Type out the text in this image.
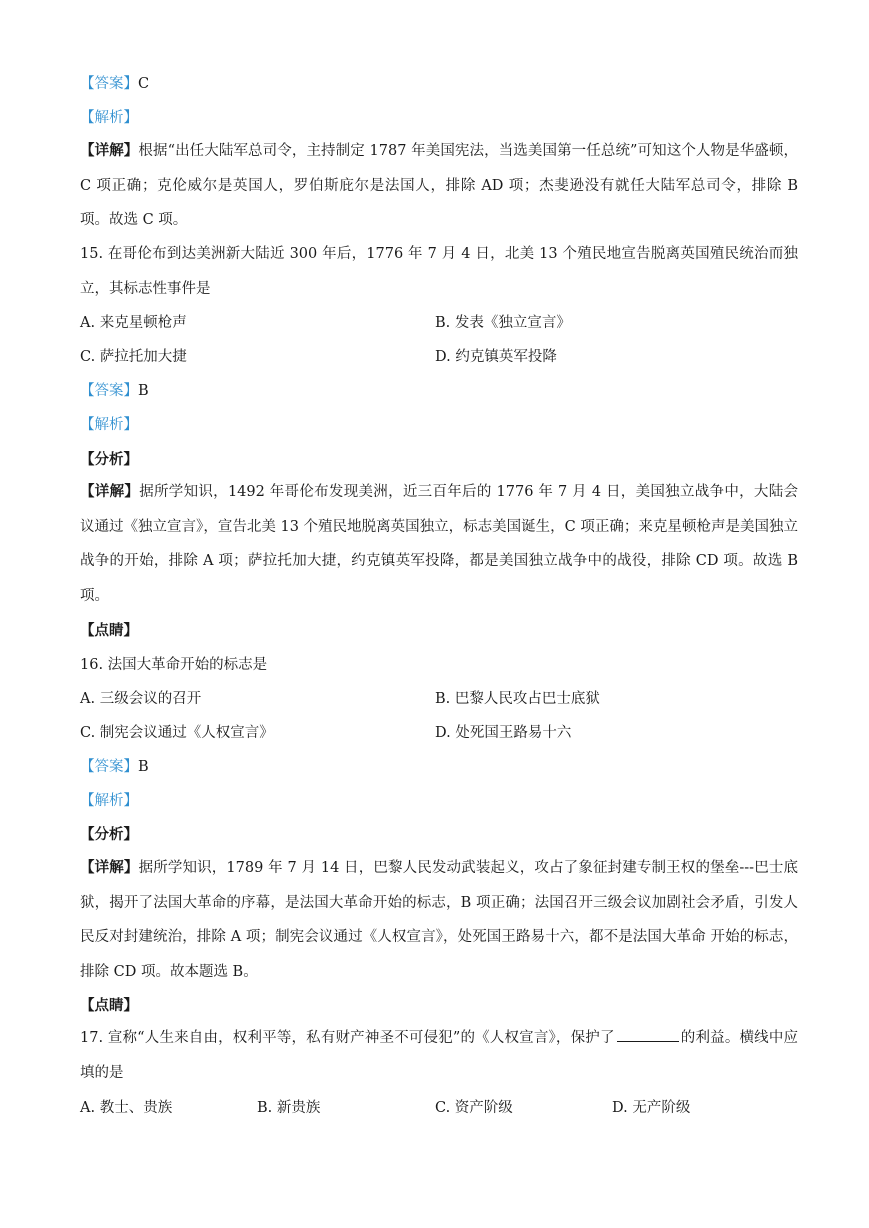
【答案】C
【解析】
【详解】根据“出任大陆军总司令，主持制定 1787 年美国宪法，当选美国第一任总统”可知这个人物是华盛顿，C 项正确；克伦威尔是英国人，罗伯斯庇尔是法国人，排除 AD 项；杰斐逊没有就任大陆军总司令，排除 B 项。故选 C 项。
15. 在哥伦布到达美洲新大陆近 300 年后，1776 年 7 月 4 日，北美 13 个殖民地宣告脱离英国殖民统治而独立，其标志性事件是
A. 来克星顿枪声	B. 发表《独立宣言》
C. 萨拉托加大捷	D. 约克镇英军投降
【答案】B
【解析】
【分析】
【详解】据所学知识，1492 年哥伦布发现美洲，近三百年后的 1776 年 7 月 4 日，美国独立战争中，大陆会议通过《独立宣言》，宣告北美 13 个殖民地脱离英国独立，标志美国诞生，C 项正确；来克星顿枪声是美国独立战争的开始，排除 A 项；萨拉托加大捷，约克镇英军投降，都是美国独立战争中的战役，排除 CD 项。故选 B 项。
【点睛】
16. 法国大革命开始的标志是
A. 三级会议的召开	B. 巴黎人民攻占巴士底狱
C. 制宪会议通过《人权宣言》	D. 处死国王路易十六
【答案】B
【解析】
【分析】
【详解】据所学知识，1789 年 7 月 14 日，巴黎人民发动武装起义，攻占了象征封建专制王权的堡垒---巴士底狱，揭开了法国大革命的序幕，是法国大革命开始的标志，B 项正确；法国召开三级会议加剧社会矛盾，引发人民反对封建统治，排除 A 项；制宪会议通过《人权宣言》，处死国王路易十六，都不是法国大革命 开始的标志，排除 CD 项。故本题选 B。
【点睛】
17. 宣称“人生来自由，权利平等，私有财产神圣不可侵犯”的《人权宣言》，保护了	的利益。横线中应填的是
A. 教士、贵族	B. 新贵族	C. 资产阶级	D. 无产阶级
